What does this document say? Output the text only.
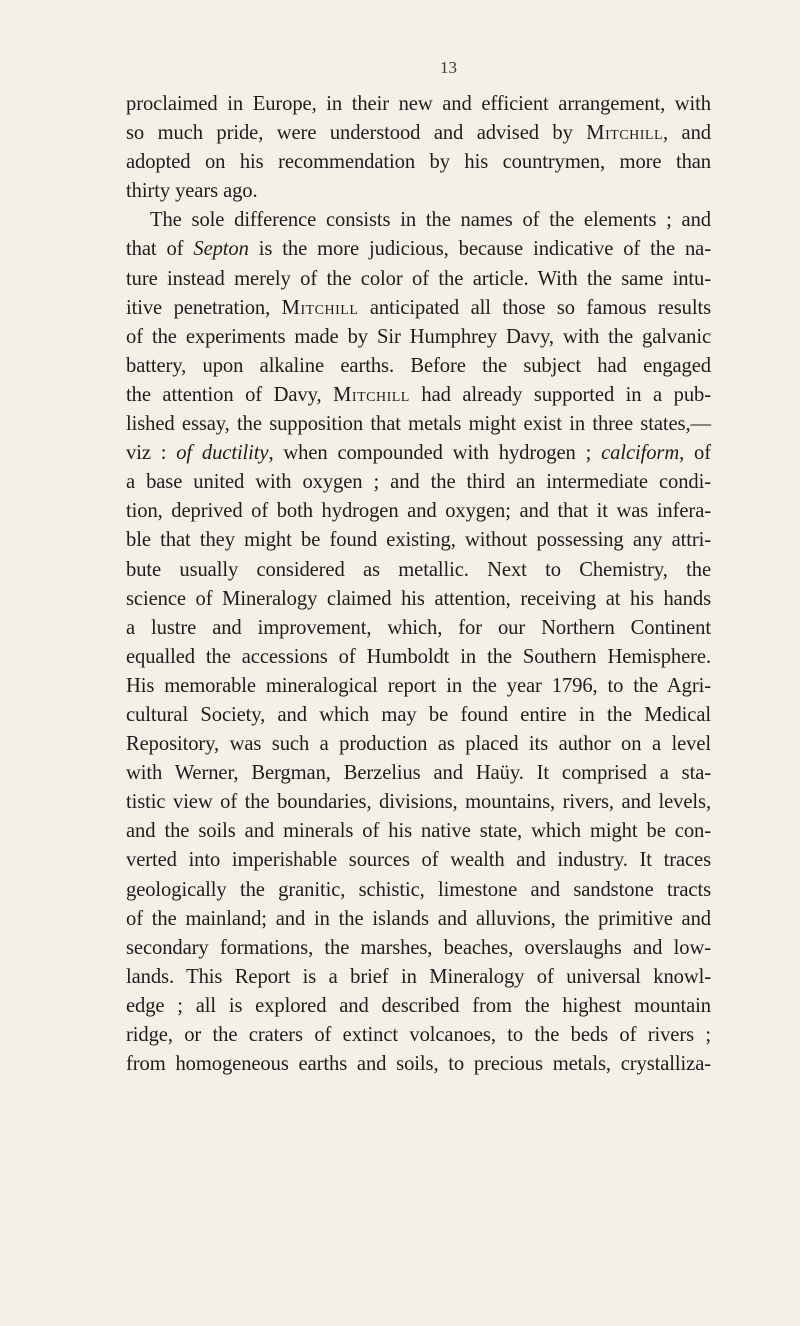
13

proclaimed in Europe, in their new and efficient arrangement, with
so much pride, were understood and advised by Mitchill, and
adopted on his recommendation by his countrymen, more than
thirty years ago.

The sole difference consists in the names of the elements ; and
that of Septon is the more judicious, because indicative of the na-
ture instead merely of the color of the article. With the same intu-
itive penetration, Mitchill anticipated all those so famous results
of the experiments made by Sir Humphrey Davy, with the galvanic
battery, upon alkaline earths. Before the subject had engaged
the attention of Davy, Mitchill had already supported in a pub-
lished essay, the supposition that metals might exist in three states,—
viz : of ductility, when compounded with hydrogen ; calciform, of
a base united with oxygen ; and the third an intermediate condi-
tion, deprived of both hydrogen and oxygen; and that it was infera-
ble that they might be found existing, without possessing any attri-
bute usually considered as metallic. Next to Chemistry, the
science of Mineralogy claimed his attention, receiving at his hands
a lustre and improvement, which, for our Northern Continent
equalled the accessions of Humboldt in the Southern Hemisphere.
His memorable mineralogical report in the year 1796, to the Agri-
cultural Society, and which may be found entire in the Medical
Repository, was such a production as placed its author on a level
with Werner, Bergman, Berzelius and Haüy. It comprised a sta-
tistic view of the boundaries, divisions, mountains, rivers, and levels,
and the soils and minerals of his native state, which might be con-
verted into imperishable sources of wealth and industry. It traces
geologically the granitic, schistic, limestone and sandstone tracts
of the mainland; and in the islands and alluvions, the primitive and
secondary formations, the marshes, beaches, overslaughs and low-
lands. This Report is a brief in Mineralogy of universal knowl-
edge ; all is explored and described from the highest mountain
ridge, or the craters of extinct volcanoes, to the beds of rivers ;
from homogeneous earths and soils, to precious metals, crystalliza-
